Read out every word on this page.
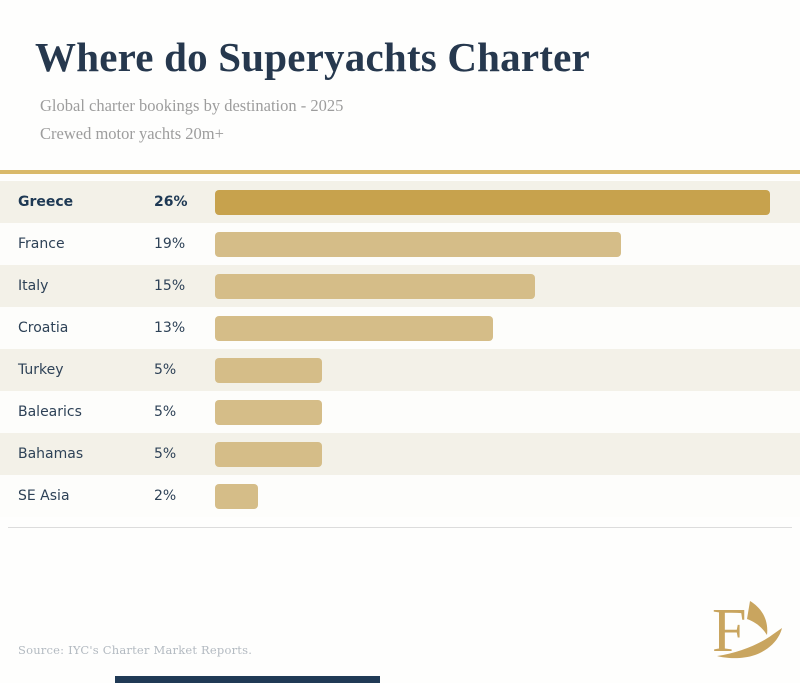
Where do Superyachts Charter
Global charter bookings by destination - 2025
Crewed motor yachts 20m+
Greece	26%
France	19%
Italy	15%
Croatia	13%
Turkey	5%
Balearics	5%
Bahamas	5%
SE Asia	2%
Source: IYC's Charter Market Reports.	F
